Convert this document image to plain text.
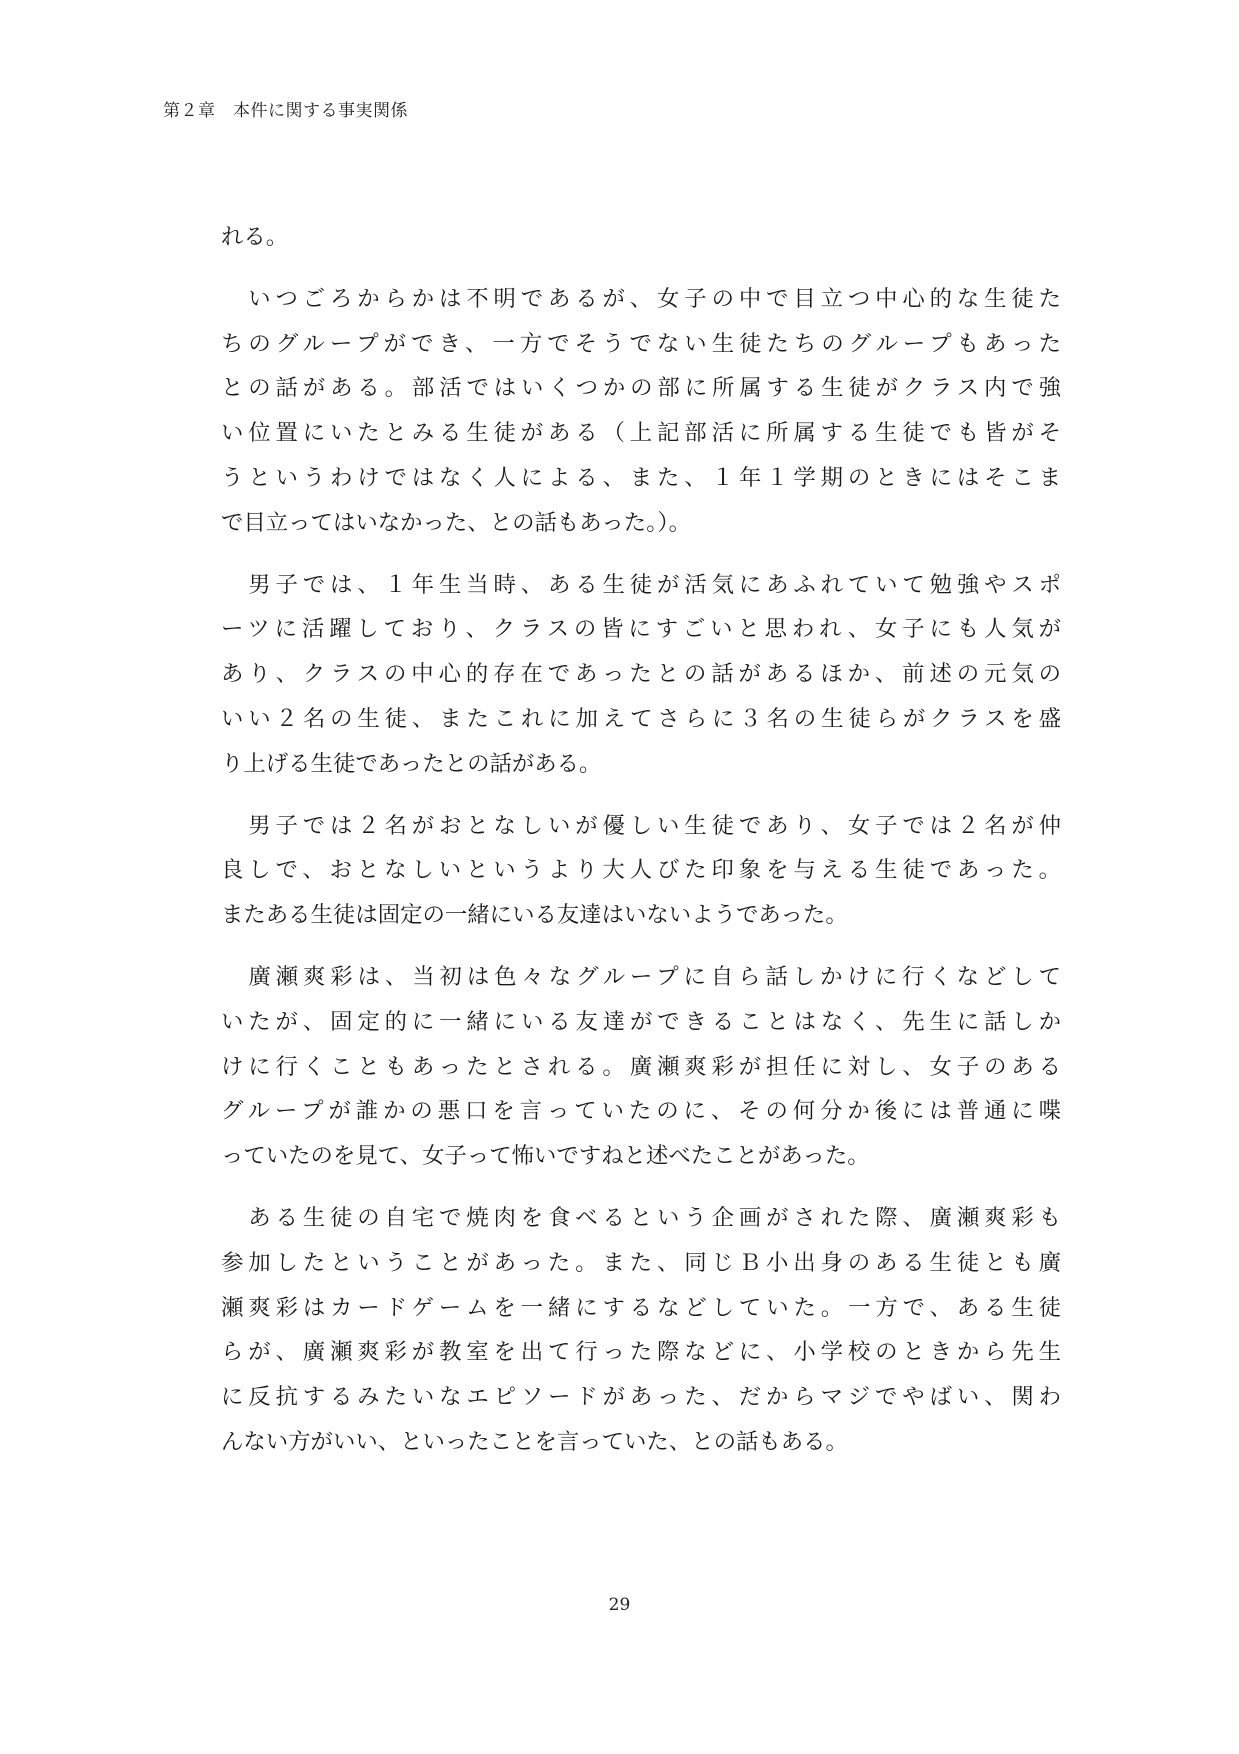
第２章　本件に関する事実関係
れる。
　いつごろからかは不明であるが、女子の中で目立つ中心的な生徒た
ちのグループができ、一方でそうでない生徒たちのグループもあった
との話がある。部活ではいくつかの部に所属する生徒がクラス内で強
い位置にいたとみる生徒がある（上記部活に所属する生徒でも皆がそ
うというわけではなく人による、また、１年１学期のときにはそこま
で目立ってはいなかった、との話もあった。）。
　男子では、１年生当時、ある生徒が活気にあふれていて勉強やスポ
ーツに活躍しており、クラスの皆にすごいと思われ、女子にも人気が
あり、クラスの中心的存在であったとの話があるほか、前述の元気の
いい２名の生徒、またこれに加えてさらに３名の生徒らがクラスを盛
り上げる生徒であったとの話がある。
　男子では２名がおとなしいが優しい生徒であり、女子では２名が仲
良しで、おとなしいというより大人びた印象を与える生徒であった。
またある生徒は固定の一緒にいる友達はいないようであった。
　廣瀬爽彩は、当初は色々なグループに自ら話しかけに行くなどして
いたが、固定的に一緒にいる友達ができることはなく、先生に話しか
けに行くこともあったとされる。廣瀬爽彩が担任に対し、女子のある
グループが誰かの悪口を言っていたのに、その何分か後には普通に喋
っていたのを見て、女子って怖いですねと述べたことがあった。
　ある生徒の自宅で焼肉を食べるという企画がされた際、廣瀬爽彩も
参加したということがあった。また、同じＢ小出身のある生徒とも廣
瀬爽彩はカードゲームを一緒にするなどしていた。一方で、ある生徒
らが、廣瀬爽彩が教室を出て行った際などに、小学校のときから先生
に反抗するみたいなエピソードがあった、だからマジでやばい、関わ
んない方がいい、といったことを言っていた、との話もある。
29
